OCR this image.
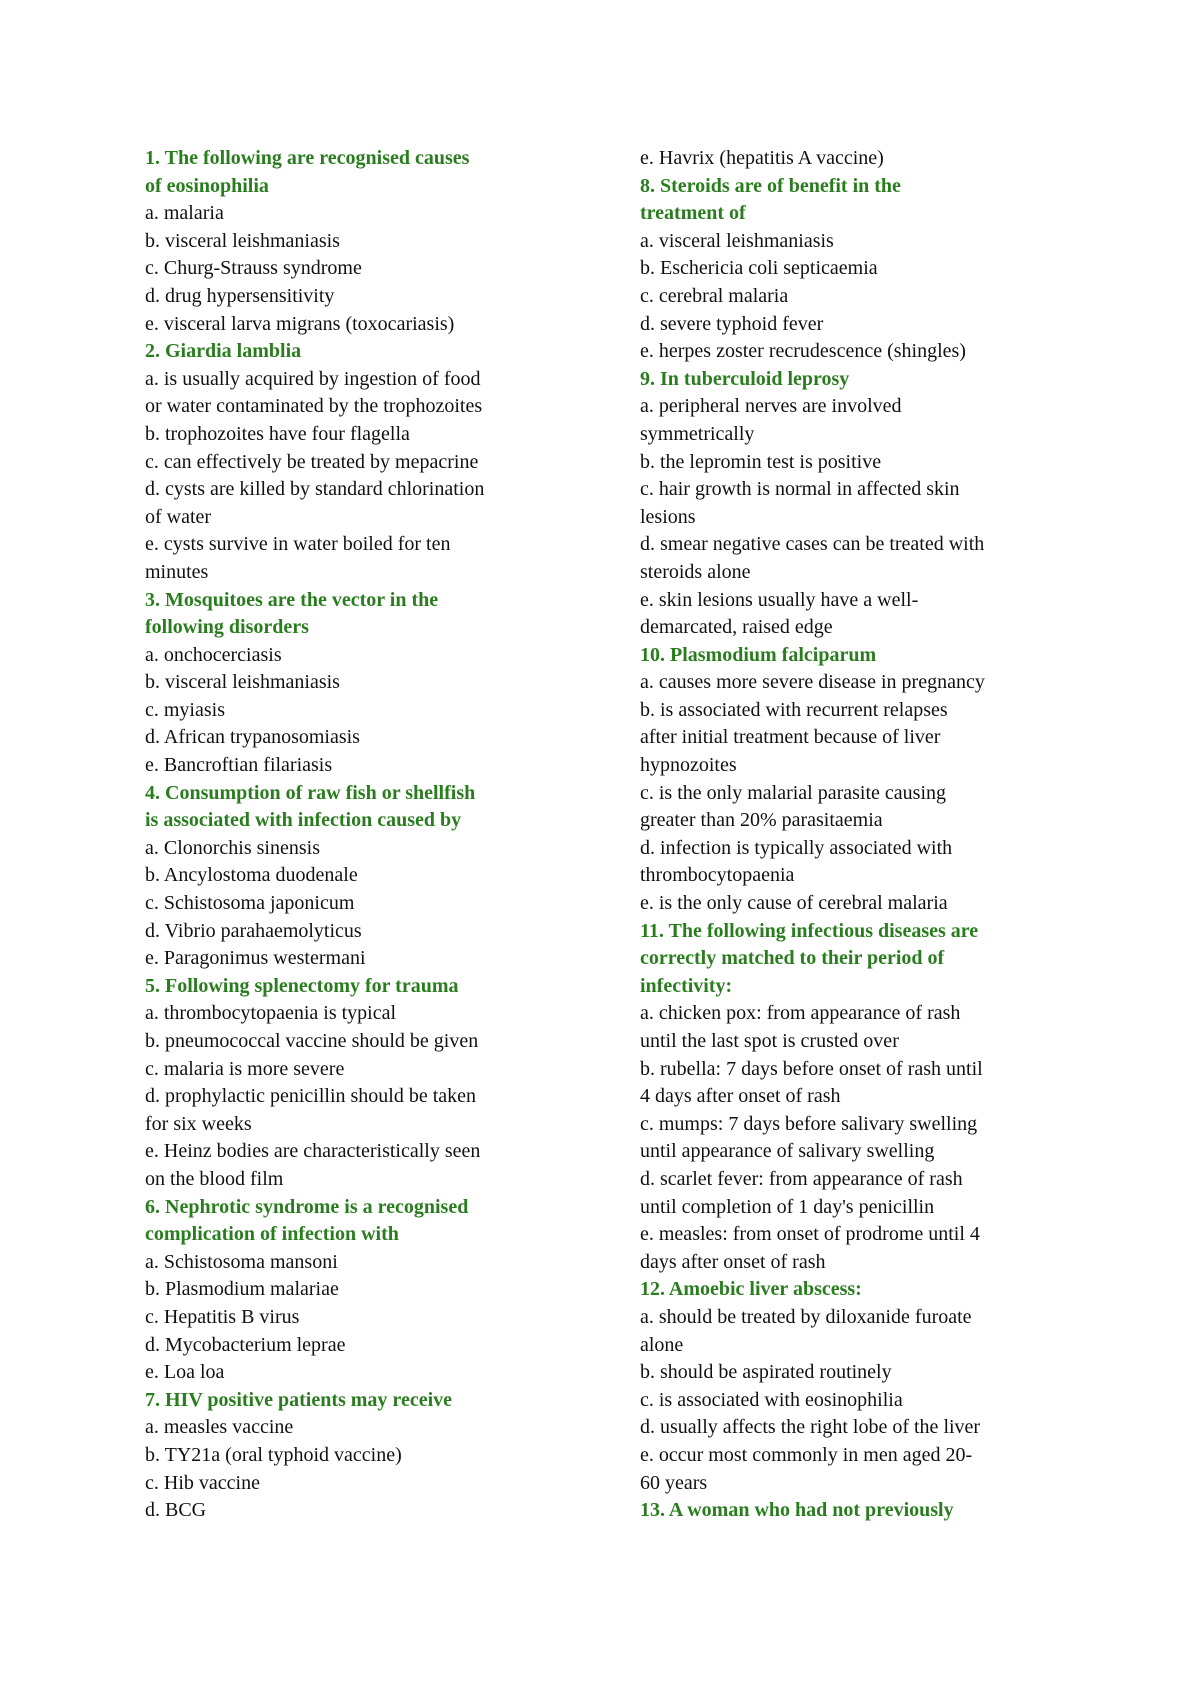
1. The following are recognised causes
of eosinophilia
a. malaria
b. visceral leishmaniasis
c. Churg-Strauss syndrome
d. drug hypersensitivity
e. visceral larva migrans (toxocariasis)
2. Giardia lamblia
a. is usually acquired by ingestion of food
or water contaminated by the trophozoites
b. trophozoites have four flagella
c. can effectively be treated by mepacrine
d. cysts are killed by standard chlorination
of water
e. cysts survive in water boiled for ten
minutes
3. Mosquitoes are the vector in the
following disorders
a. onchocerciasis
b. visceral leishmaniasis
c. myiasis
d. African trypanosomiasis
e. Bancroftian filariasis
4. Consumption of raw fish or shellfish
is associated with infection caused by
a. Clonorchis sinensis
b. Ancylostoma duodenale
c. Schistosoma japonicum
d. Vibrio parahaemolyticus
e. Paragonimus westermani
5. Following splenectomy for trauma
a. thrombocytopaenia is typical
b. pneumococcal vaccine should be given
c. malaria is more severe
d. prophylactic penicillin should be taken
for six weeks
e. Heinz bodies are characteristically seen
on the blood film
6. Nephrotic syndrome is a recognised
complication of infection with
a. Schistosoma mansoni
b. Plasmodium malariae
c. Hepatitis B virus
d. Mycobacterium leprae
e. Loa loa
7. HIV positive patients may receive
a. measles vaccine
b. TY21a (oral typhoid vaccine)
c. Hib vaccine
d. BCG
e. Havrix (hepatitis A vaccine)
8. Steroids are of benefit in the
treatment of
a. visceral leishmaniasis
b. Eschericia coli septicaemia
c. cerebral malaria
d. severe typhoid fever
e. herpes zoster recrudescence (shingles)
9. In tuberculoid leprosy
a. peripheral nerves are involved
symmetrically
b. the lepromin test is positive
c. hair growth is normal in affected skin
lesions
d. smear negative cases can be treated with
steroids alone
e. skin lesions usually have a well-
demarcated, raised edge
10. Plasmodium falciparum
a. causes more severe disease in pregnancy
b. is associated with recurrent relapses
after initial treatment because of liver
hypnozoites
c. is the only malarial parasite causing
greater than 20% parasitaemia
d. infection is typically associated with
thrombocytopaenia
e. is the only cause of cerebral malaria
11. The following infectious diseases are
correctly matched to their period of
infectivity:
a. chicken pox: from appearance of rash
until the last spot is crusted over
b. rubella: 7 days before onset of rash until
4 days after onset of rash
c. mumps: 7 days before salivary swelling
until appearance of salivary swelling
d. scarlet fever: from appearance of rash
until completion of 1 day's penicillin
e. measles: from onset of prodrome until 4
days after onset of rash
12. Amoebic liver abscess:
a. should be treated by diloxanide furoate
alone
b. should be aspirated routinely
c. is associated with eosinophilia
d. usually affects the right lobe of the liver
e. occur most commonly in men aged 20-
60 years
13. A woman who had not previously
